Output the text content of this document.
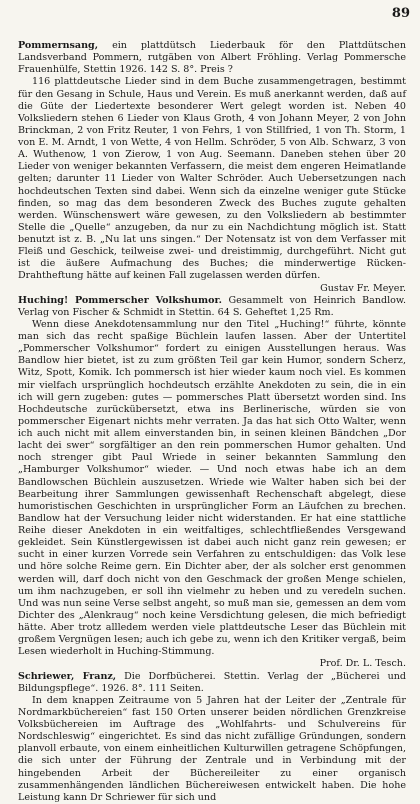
89

Pommernsang, ein plattdütsch Liederbauk för den Plattdütschen Landsverband Pommern, rutgäben von Albert Fröhling. Verlag Pommersche Frauenhülfe, Stettin 1926. 142 S. 8°. Preis ?

116 plattdeutsche Lieder sind in dem Buche zusammengetragen, bestimmt für den Gesang in Schule, Haus und Verein. Es muß anerkannt werden, daß auf die Güte der Liedertexte besonderer Wert gelegt worden ist. Neben 40 Volksliedern stehen 6 Lieder von Klaus Groth, 4 von Johann Meyer, 2 von John Brinckman, 2 von Fritz Reuter, 1 von Fehrs, 1 von Stillfried, 1 von Th. Storm, 1 von E. M. Arndt, 1 von Wette, 4 von Hellm. Schröder, 5 von Alb. Schwarz, 3 von A. Wuthenow, 1 von Zierow, 1 von Aug. Seemann. Daneben stehen über 20 Lieder von weniger bekannten Verfassern, die meist dem engeren Heimatlande gelten; darunter 11 Lieder von Walter Schröder. Auch Uebersetzungen nach hochdeutschen Texten sind dabei. Wenn sich da einzelne weniger gute Stücke finden, so mag das dem besonderen Zweck des Buches zugute gehalten werden. Wünschenswert wäre gewesen, zu den Volksliedern ab bestimmter Stelle die „Quelle“ anzugeben, da nur zu ein Nachdichtung möglich ist. Statt benutzt ist z. B. „Nu lat uns singen.“ Der Notensatz ist von dem Verfasser mit Fleiß und Geschick, teilweise zwei- und dreistimmig, durchgeführt. Nicht gut ist die äußere Aufmachung des Buches; die minderwertige Rücken-Drahtheftung hätte auf keinen Fall zugelassen werden dürfen.

Gustav Fr. Meyer.

Huching! Pommerscher Volkshumor. Gesammelt von Heinrich Bandlow. Verlag von Fischer & Schmidt in Stettin. 64 S. Geheftet 1,25 Rm.

Wenn diese Anekdotensammlung nur den Titel „Huching!“ führte, könnte man sich das recht spaßige Büchlein laufen lassen. Aber der Untertitel „Pommerscher Volkshumor“ fordert zu einigen Ausstellungen heraus. Was Bandlow hier bietet, ist zu zum größten Teil gar kein Humor, sondern Scherz, Witz, Spott, Komik. Ich pommersch ist hier wieder kaum noch viel. Es kommen mir vielfach ursprünglich hochdeutsch erzählte Anekdoten zu sein, die in ein ich will gern zugeben: gutes — pommersches Platt übersetzt worden sind. Ins Hochdeutsche zurückübersetzt, etwa ins Berlinerische, würden sie von pommerscher Eigenart nichts mehr verraten. Ja das hat sich Otto Walter, wenn ich auch nicht mit allem einverstanden bin, in seinen kleinen Bändchen „Dor lacht dei swer“ sorgfältiger an den rein pommerschen Humor gehalten. Und noch strenger gibt Paul Wriede in seiner bekannten Sammlung den „Hamburger Volkshumor“ wieder. — Und noch etwas habe ich an dem Bandlowschen Büchlein auszusetzen. Wriede wie Walter haben sich bei der Bearbeitung ihrer Sammlungen gewissenhaft Rechenschaft abgelegt, diese humoristischen Geschichten in ursprünglicher Form an Läufchen zu brechen. Bandlow hat der Versuchung leider nicht widerstanden. Er hat eine stattliche Reihe dieser Anekdoten in ein weitfaltiges, schlechtfließendes Versgewand gekleidet. Sein Künstlergewissen ist dabei auch nicht ganz rein gewesen; er sucht in einer kurzen Vorrede sein Verfahren zu entschuldigen: das Volk lese und höre solche Reime gern. Ein Dichter aber, der als solcher erst genommen werden will, darf doch nicht von den Geschmack der großen Menge schielen, um ihm nachzugeben, er soll ihn vielmehr zu heben und zu veredeln suchen. Und was nun seine Verse selbst angeht, so muß man sie, gemessen an dem vom Dichter des „Alenkraug“ noch keine Versdichtung gelesen, die mich befriedigt hätte. Aber trotz allledem werden viele plattdeutsche Leser das Büchlein mit großem Vergnügen lesen; auch ich gebe zu, wenn ich den Kritiker vergaß, beim Lesen wiederholt in Huching-Stimmung.

Prof. Dr. L. Tesch.

Schriewer, Franz, Die Dorfbücherei. Stettin. Verlag der „Bücherei und Bildungspflege“. 1926. 8°. 111 Seiten.

In dem knappen Zeitraume von 5 Jahren hat der Leiter der „Zentrale für Nordmarkbüchereien“ fast 150 Orten unserer beiden nördlichen Grenzkreise Volksbüchereien im Auftrage des „Wohlfahrts- und Schulvereins für Nordschleswig“ eingerichtet. Es sind das nicht zufällige Gründungen, sondern planvoll erbaute, von einem einheitlichen Kulturwillen getragene Schöpfungen, die sich unter der Führung der Zentrale und in Verbindung mit der hingebenden Arbeit der Büchereileiter zu einer organisch zusammenhängenden ländlichen Büchereiwesen entwickelt haben. Die hohe Leistung kann Dr Schriewer für sich und
